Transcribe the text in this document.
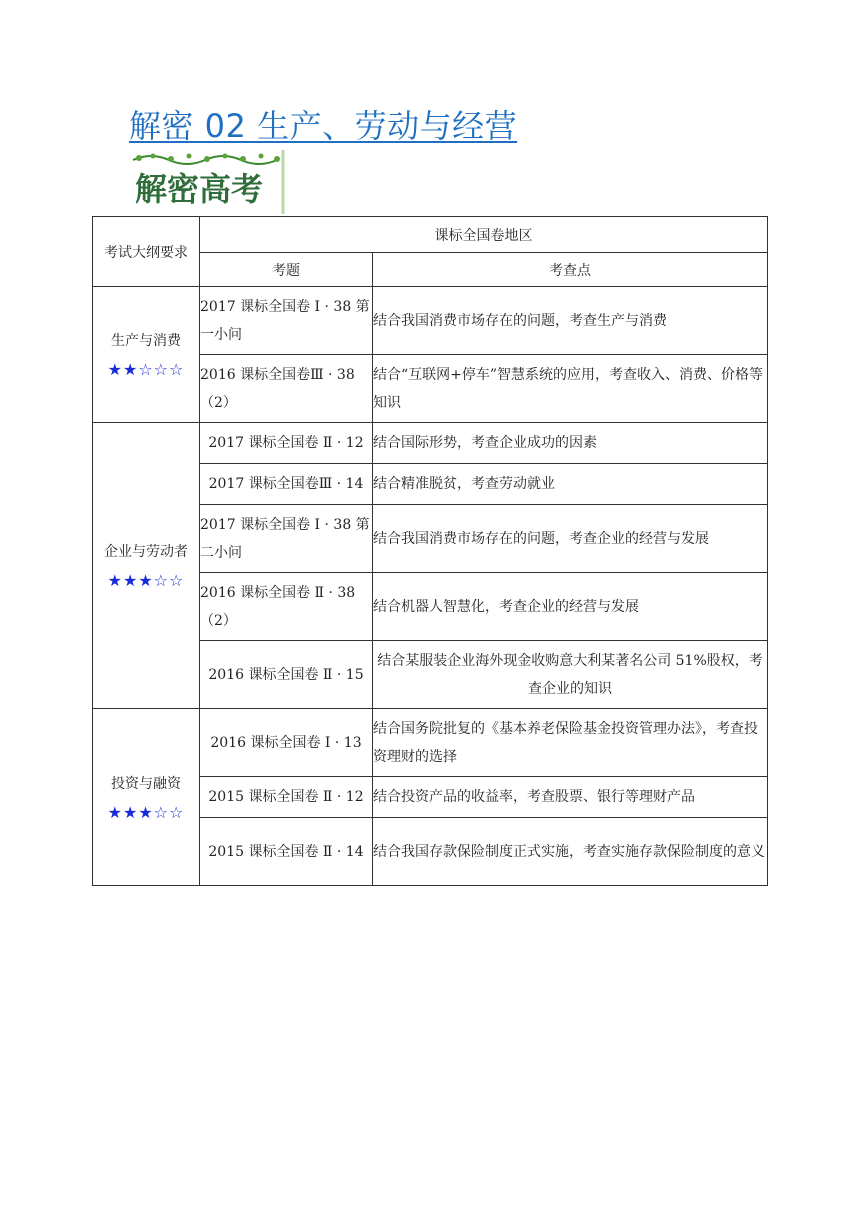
解密 02 生产、劳动与经营
解密高考
考试大纲要求	课标全国卷地区	
	考题	考查点

生产与消费
★★☆☆☆	2017 课标全国卷 I · 38 第一小问	结合我国消费市场存在的问题，考查生产与消费
	2016 课标全国卷Ⅲ · 38（2）	结合“互联网+停车”智慧系统的应用，考查收入、消费、价格等知识

企业与劳动者
★★★☆☆	2017 课标全国卷 Ⅱ · 12	结合国际形势，考查企业成功的因素
	2017 课标全国卷Ⅲ · 14	结合精准脱贫，考查劳动就业
	2017 课标全国卷 I · 38 第二小问	结合我国消费市场存在的问题，考查企业的经营与发展
	2016 课标全国卷 Ⅱ · 38（2）	结合机器人智慧化，考查企业的经营与发展
	2016 课标全国卷 Ⅱ · 15	结合某服装企业海外现金收购意大利某著名公司 51%股权，考查企业的知识

投资与融资
★★★☆☆	2016 课标全国卷 I · 13	结合国务院批复的《基本养老保险基金投资管理办法》，考查投资理财的选择
	2015 课标全国卷 Ⅱ · 12	结合投资产品的收益率，考查股票、银行等理财产品
	2015 课标全国卷 Ⅱ · 14	结合我国存款保险制度正式实施，考查实施存款保险制度的意义
